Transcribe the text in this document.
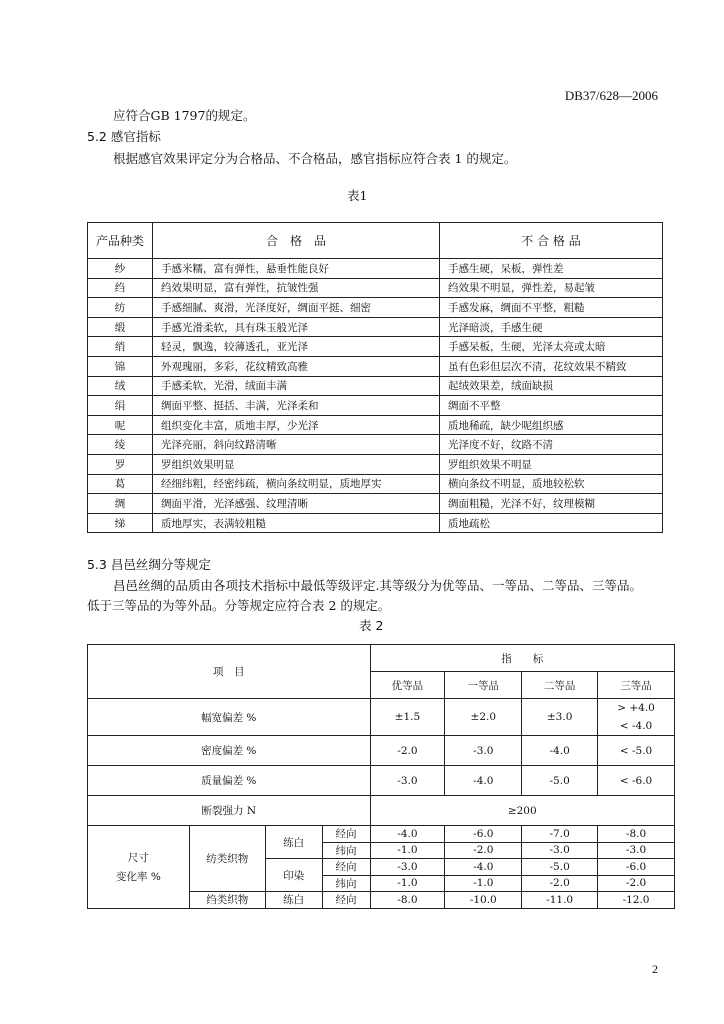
DB37/628—2006
应符合GB 1797的规定。
5.2 感官指标
根据感官效果评定分为合格品、不合格品，感官指标应符合表 1 的规定。
表1
产品种类	合　格　品	不 合 格 品
纱	手感米糯，富有弹性，悬垂性能良好	手感生硬，呆板，弹性差
绉	绉效果明显，富有弹性，抗皱性强	绉效果不明显，弹性差，易起皱
纺	手感细腻、爽滑，光泽度好，绸面平挺、细密	手感发麻，绸面不平整，粗糙
缎	手感光滑柔软，具有珠玉般光泽	光泽暗淡，手感生硬
绡	轻灵，飘逸，较薄透孔，亚光泽	手感呆板，生硬，光泽太亮或太暗
锦	外观瑰丽，多彩，花纹精致高雅	虽有色彩但层次不清，花纹效果不精致
绒	手感柔软，光滑，绒面丰满	起绒效果差，绒面缺损
绢	绸面平整、挺括、丰满，光泽柔和	绸面不平整
呢	组织变化丰富，质地丰厚，少光泽	质地稀疏，缺少呢组织感
绫	光泽亮丽，斜向纹路清晰	光泽度不好，纹路不清
罗	罗组织效果明显	罗组织效果不明显
葛	经细纬粗，经密纬疏，横向条纹明显，质地厚实	横向条纹不明显，质地较松软
绸	绸面平滑，光泽感强、纹理清晰	绸面粗糙，光泽不好，纹理模糊
绨	质地厚实，表满较粗糙	质地疏松
5.3 昌邑丝绸分等规定
昌邑丝绸的品质由各项技术指标中最低等级评定.其等级分为优等品、一等品、二等品、三等品。
低于三等品的为等外品。分等规定应符合表 2 的规定。
表 2
项　目				指　　标			
				优等品	一等品	二等品	三等品
幅宽偏差 %				±1.5	±2.0	±3.0	> +4.0
< -4.0

密度偏差 %				-2.0	-3.0	-4.0	< -5.0
质量偏差 %				-3.0	-4.0	-5.0	< -6.0
断裂强力 N				≥200			

尺寸
变化率 %	纺类织物	练白	经向	-4.0	-6.0	-7.0	-8.0
			纬向	-1.0	-2.0	-3.0	-3.0
		印染	经向	-3.0	-4.0	-5.0	-6.0
			纬向	-1.0	-1.0	-2.0	-2.0
	绉类织物	练白	经向	-8.0	-10.0	-11.0	-12.0
2
